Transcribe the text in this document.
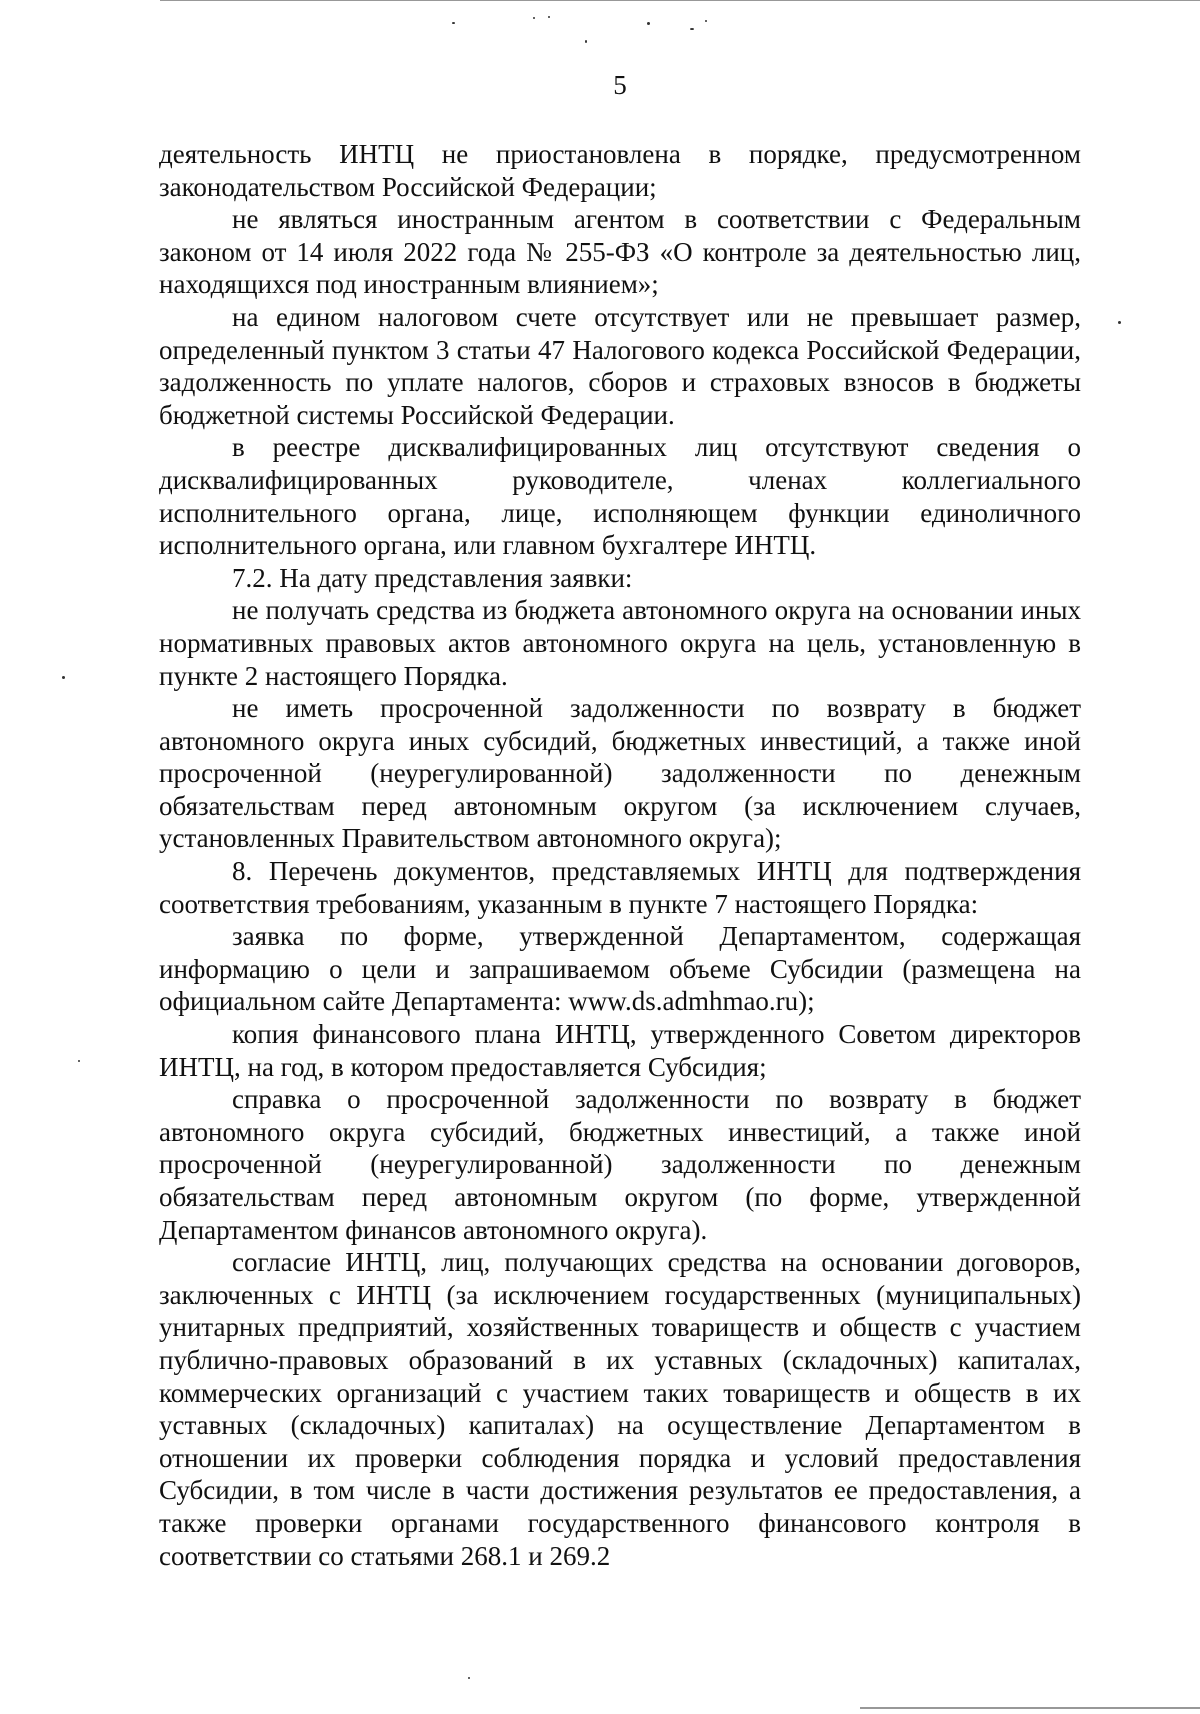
5

деятельность ИНТЦ не приостановлена в порядке, предусмотренном законодательством Российской Федерации;

не являться иностранным агентом в соответствии с Федеральным законом от 14 июля 2022 года № 255-ФЗ «О контроле за деятельностью лиц, находящихся под иностранным влиянием»;

на едином налоговом счете отсутствует или не превышает размер, определенный пунктом 3 статьи 47 Налогового кодекса Российской Федерации, задолженность по уплате налогов, сборов и страховых взносов в бюджеты бюджетной системы Российской Федерации.

в реестре дисквалифицированных лиц отсутствуют сведения о дисквалифицированных руководителе, членах коллегиального исполнительного органа, лице, исполняющем функции единоличного исполнительного органа, или главном бухгалтере ИНТЦ.

7.2. На дату представления заявки:

не получать средства из бюджета автономного округа на основании иных нормативных правовых актов автономного округа на цель, установленную в пункте 2 настоящего Порядка.

не иметь просроченной задолженности по возврату в бюджет автономного округа иных субсидий, бюджетных инвестиций, а также иной просроченной (неурегулированной) задолженности по денежным обязательствам перед автономным округом (за исключением случаев, установленных Правительством автономного округа);

8. Перечень документов, представляемых ИНТЦ для подтверждения соответствия требованиям, указанным в пункте 7 настоящего Порядка:

заявка по форме, утвержденной Департаментом, содержащая информацию о цели и запрашиваемом объеме Субсидии (размещена на официальном сайте Департамента: www.ds.admhmao.ru);

копия финансового плана ИНТЦ, утвержденного Советом директоров ИНТЦ, на год, в котором предоставляется Субсидия;

справка о просроченной задолженности по возврату в бюджет автономного округа субсидий, бюджетных инвестиций, а также иной просроченной (неурегулированной) задолженности по денежным обязательствам перед автономным округом (по форме, утвержденной Департаментом финансов автономного округа).

согласие ИНТЦ, лиц, получающих средства на основании договоров, заключенных с ИНТЦ (за исключением государственных (муниципальных) унитарных предприятий, хозяйственных товариществ и обществ с участием публично-правовых образований в их уставных (складочных) капиталах, коммерческих организаций с участием таких товариществ и обществ в их уставных (складочных) капиталах) на осуществление Департаментом в отношении их проверки соблюдения порядка и условий предоставления Субсидии, в том числе в части достижения результатов ее предоставления, а также проверки органами государственного финансового контроля в соответствии со статьями 268.1 и 269.2
